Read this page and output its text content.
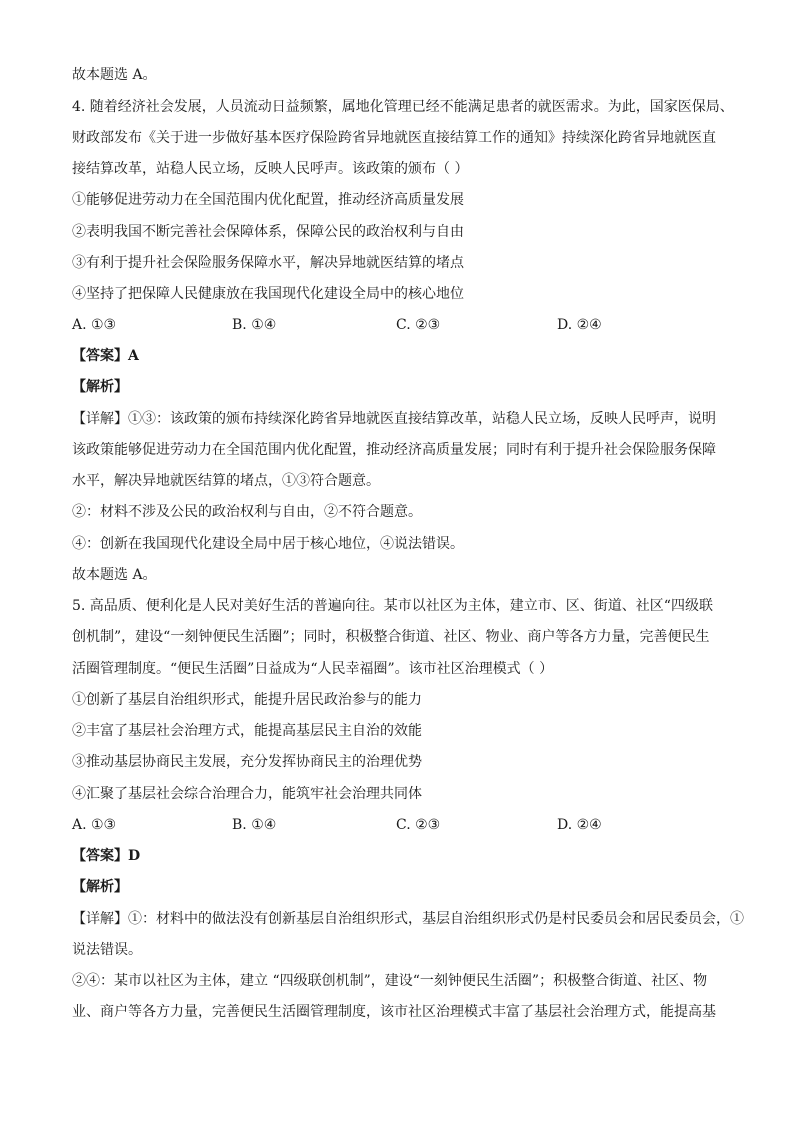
故本题选 A。
4. 随着经济社会发展，人员流动日益频繁，属地化管理已经不能满足患者的就医需求。为此，国家医保局、
财政部发布《关于进一步做好基本医疗保险跨省异地就医直接结算工作的通知》持续深化跨省异地就医直
接结算改革，站稳人民立场，反映人民呼声。该政策的颁布（ ）
①能够促进劳动力在全国范围内优化配置，推动经济高质量发展
②表明我国不断完善社会保障体系，保障公民的政治权利与自由
③有利于提升社会保险服务保障水平，解决异地就医结算的堵点
④坚持了把保障人民健康放在我国现代化建设全局中的核心地位
A. ①③	B. ①④	C. ②③	D. ②④
【答案】A
【解析】
【详解】①③：该政策的颁布持续深化跨省异地就医直接结算改革，站稳人民立场，反映人民呼声，说明
该政策能够促进劳动力在全国范围内优化配置，推动经济高质量发展；同时有利于提升社会保险服务保障
水平，解决异地就医结算的堵点，①③符合题意。
②：材料不涉及公民的政治权利与自由，②不符合题意。
④：创新在我国现代化建设全局中居于核心地位，④说法错误。
故本题选 A。
5. 高品质、便利化是人民对美好生活的普遍向往。某市以社区为主体，建立市、区、街道、社区“四级联
创机制”，建设“一刻钟便民生活圈”；同时，积极整合街道、社区、物业、商户等各方力量，完善便民生
活圈管理制度。“便民生活圈”日益成为“人民幸福圈”。该市社区治理模式（ ）
①创新了基层自治组织形式，能提升居民政治参与的能力
②丰富了基层社会治理方式，能提高基层民主自治的效能
③推动基层协商民主发展，充分发挥协商民主的治理优势
④汇聚了基层社会综合治理合力，能筑牢社会治理共同体
A. ①③	B. ①④	C. ②③	D. ②④
【答案】D
【解析】
【详解】①：材料中的做法没有创新基层自治组织形式，基层自治组织形式仍是村民委员会和居民委员会，①
说法错误。
②④：某市以社区为主体，建立 “四级联创机制”，建设“一刻钟便民生活圈”；积极整合街道、社区、物
业、商户等各方力量，完善便民生活圈管理制度，该市社区治理模式丰富了基层社会治理方式，能提高基
